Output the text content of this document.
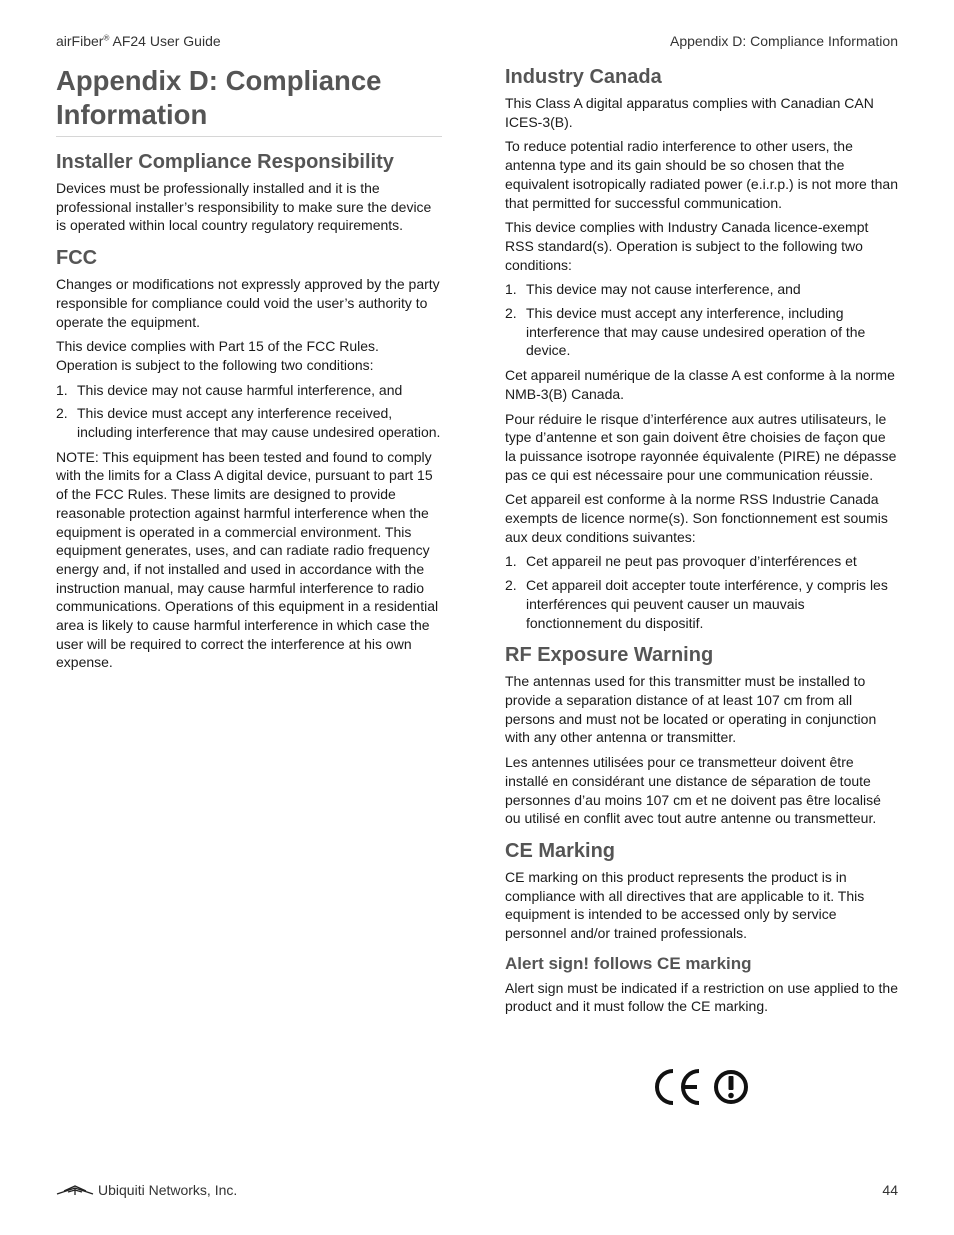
airFiber® AF24 User Guide	Appendix D: Compliance Information
Appendix D: Compliance Information
Installer Compliance Responsibility

Devices must be professionally installed and it is the professional installer’s responsibility to make sure the device is operated within local country regulatory requirements.

FCC

Changes or modifications not expressly approved by the party responsible for compliance could void the user’s authority to operate the equipment.

This device complies with Part 15 of the FCC Rules. Operation is subject to the following two conditions:

1. This device may not cause harmful interference, and
2. This device must accept any interference received, including interference that may cause undesired operation.

NOTE: This equipment has been tested and found to comply with the limits for a Class A digital device, pursuant to part 15 of the FCC Rules. These limits are designed to provide reasonable protection against harmful interference when the equipment is operated in a commercial environment. This equipment generates, uses, and can radiate radio frequency energy and, if not installed and used in accordance with the instruction manual, may cause harmful interference to radio communications. Operations of this equipment in a residential area is likely to cause harmful interference in which case the user will be required to correct the interference at his own expense.

Industry Canada

This Class A digital apparatus complies with Canadian CAN ICES-3(B).

To reduce potential radio interference to other users, the antenna type and its gain should be so chosen that the equivalent isotropically radiated power (e.i.r.p.) is not more than that permitted for successful communication.

This device complies with Industry Canada licence-exempt RSS standard(s). Operation is subject to the following two conditions:

1. This device may not cause interference, and
2. This device must accept any interference, including interference that may cause undesired operation of the device.

Cet appareil numérique de la classe A est conforme à la norme NMB-3(B) Canada.

Pour réduire le risque d’interférence aux autres utilisateurs, le type d’antenne et son gain doivent être choisies de façon que la puissance isotrope rayonnée équivalente (PIRE) ne dépasse pas ce qui est nécessaire pour une communication réussie.

Cet appareil est conforme à la norme RSS Industrie Canada exempts de licence norme(s). Son fonctionnement est soumis aux deux conditions suivantes:

1. Cet appareil ne peut pas provoquer d’interférences et
2. Cet appareil doit accepter toute interférence, y compris les interférences qui peuvent causer un mauvais fonctionnement du dispositif.
RF Exposure Warning

The antennas used for this transmitter must be installed to provide a separation distance of at least 107 cm from all persons and must not be located or operating in conjunction with any other antenna or transmitter.

Les antennes utilisées pour ce transmetteur doivent être installé en considérant une distance de séparation de toute personnes d’au moins 107 cm et ne doivent pas être localisé ou utilisé en conflit avec tout autre antenne ou transmetteur.

CE Marking

CE marking on this product represents the product is in compliance with all directives that are applicable to it. This equipment is intended to be accessed only by service personnel and/or trained professionals.

Alert sign! follows CE marking

Alert sign must be indicated if a restriction on use applied to the product and it must follow the CE marking.

Ubiquiti Networks, Inc.	44
